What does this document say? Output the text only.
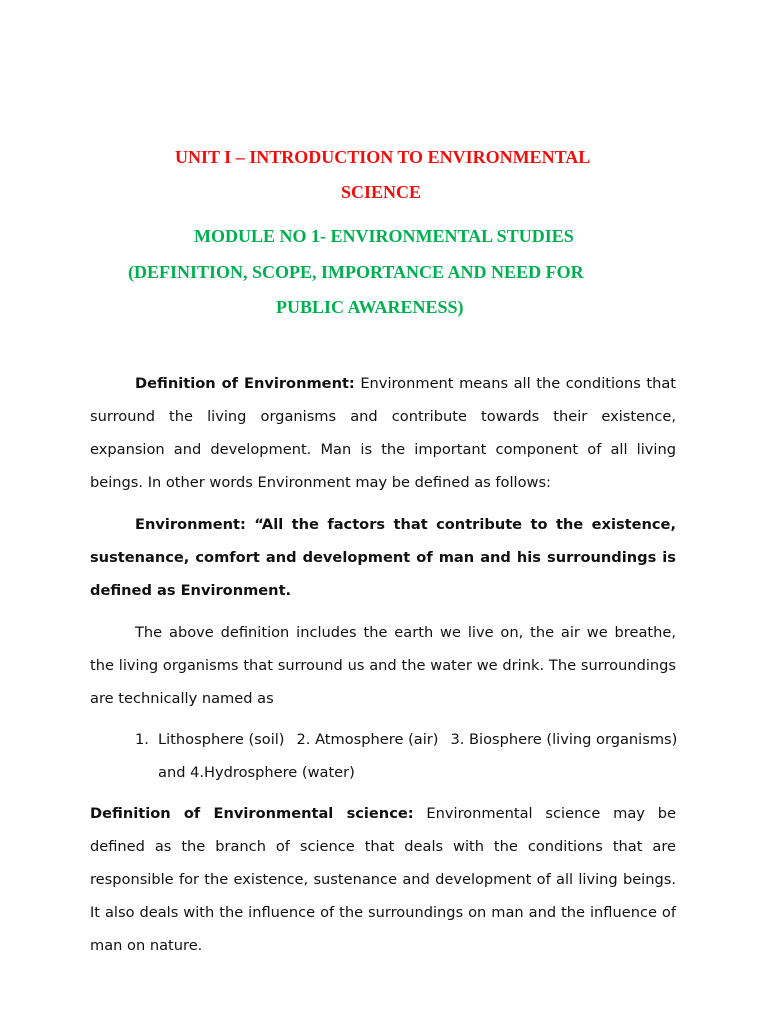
UNIT I – INTRODUCTION TO ENVIRONMENTAL
SCIENCE
MODULE NO 1- ENVIRONMENTAL STUDIES
(DEFINITION, SCOPE, IMPORTANCE AND NEED FOR
PUBLIC AWARENESS)

Definition of Environment: Environment means all the conditions that surround the living organisms and contribute towards their existence, expansion and development. Man is the important component of all living beings. In other words Environment may be defined as follows:

Environment: “All the factors that contribute to the existence, sustenance, comfort and development of man and his surroundings is defined as Environment.

The above definition includes the earth we live on, the air we breathe, the living organisms that surround us and the water we drink. The surroundings are technically named as

1. Lithosphere (soil) 2. Atmosphere (air) 3. Biosphere (living organisms)
and 4.Hydrosphere (water)

Definition of Environmental science: Environmental science may be defined as the branch of science that deals with the conditions that are responsible for the existence, sustenance and development of all living beings. It also deals with the influence of the surroundings on man and the influence of man on nature.
